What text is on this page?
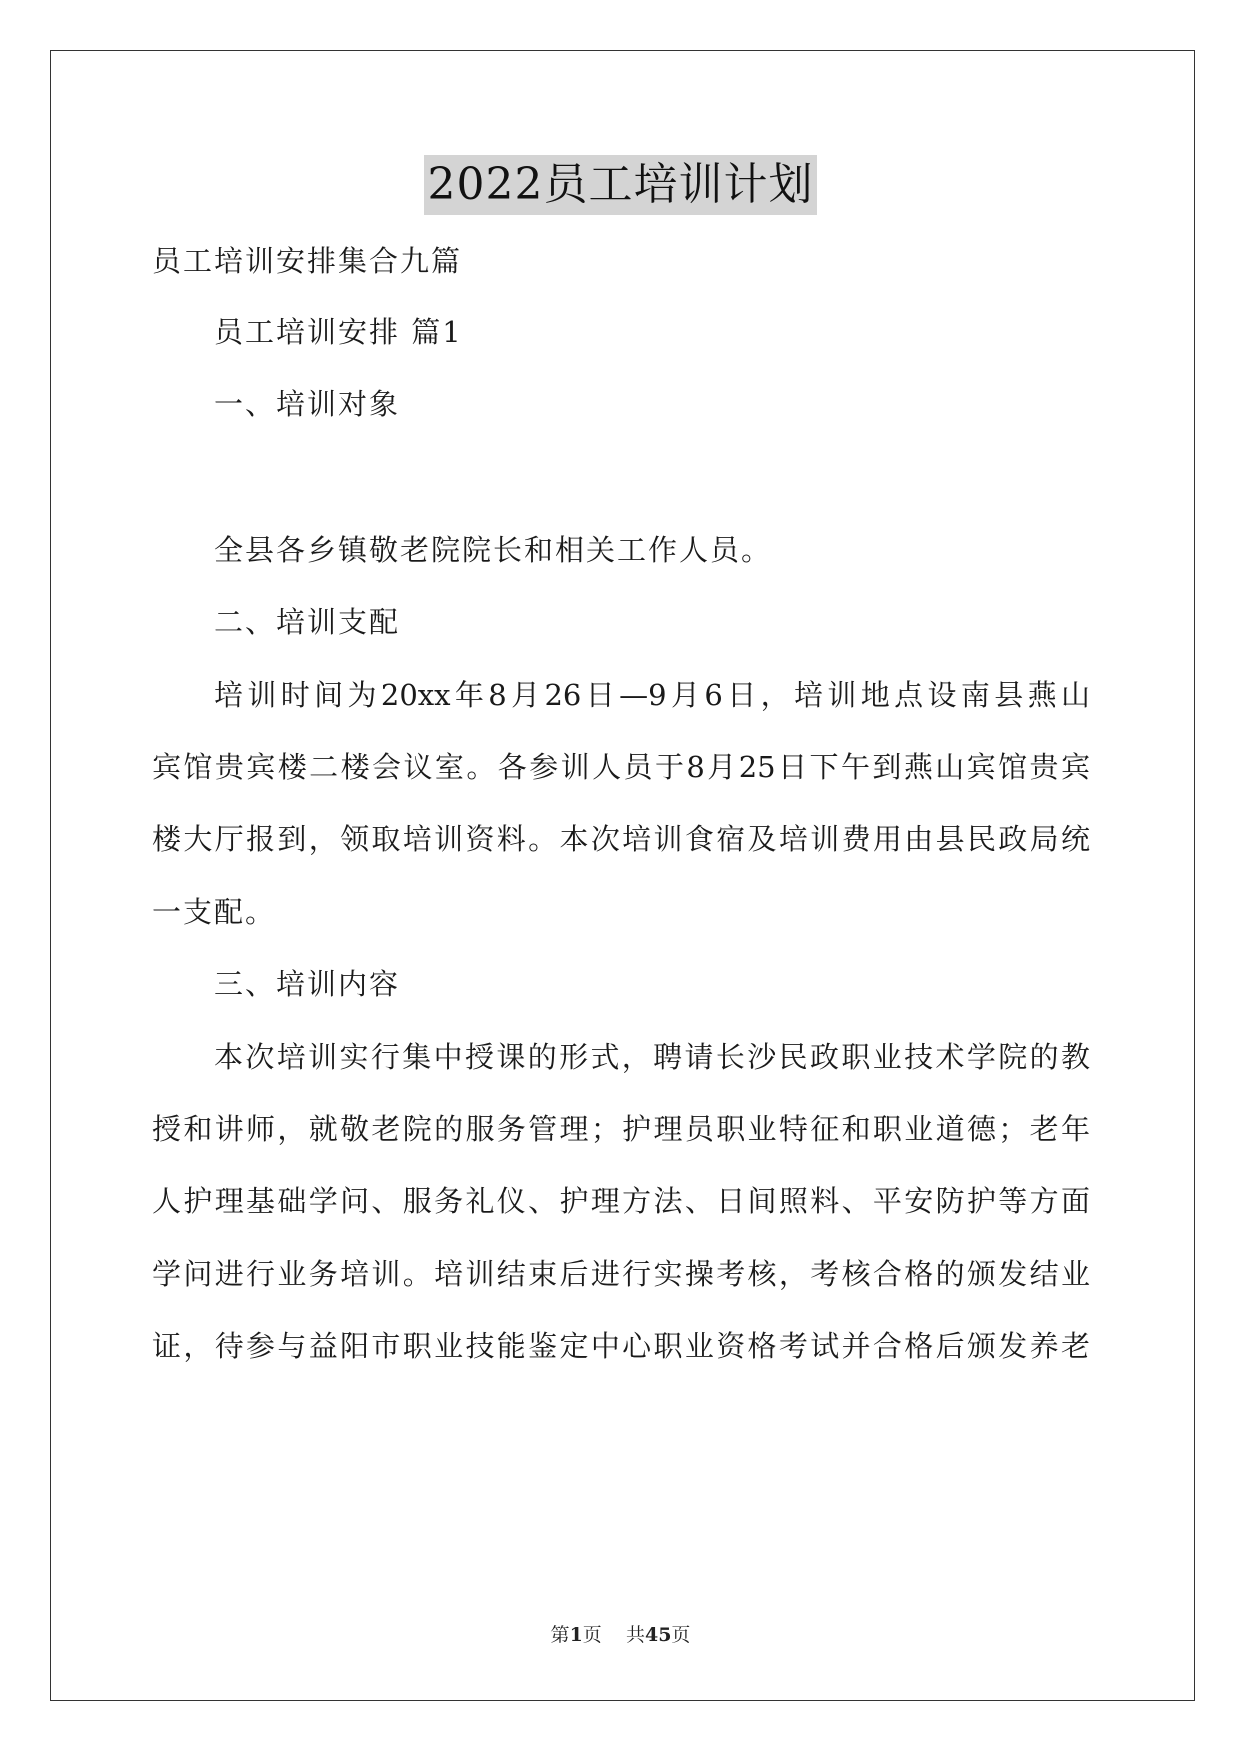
2022员工培训计划
员工培训安排集合九篇
员工培训安排 篇1
一、培训对象
全县各乡镇敬老院院长和相关工作人员。
二、培训支配
培训时间为20xx年8月26日—9月6日，培训地点设南县燕山
宾馆贵宾楼二楼会议室。各参训人员于8月25日下午到燕山宾馆贵宾
楼大厅报到，领取培训资料。本次培训食宿及培训费用由县民政局统
一支配。
三、培训内容
本次培训实行集中授课的形式，聘请长沙民政职业技术学院的教
授和讲师，就敬老院的服务管理；护理员职业特征和职业道德；老年
人护理基础学问、服务礼仪、护理方法、日间照料、平安防护等方面
学问进行业务培训。培训结束后进行实操考核，考核合格的颁发结业
证，待参与益阳市职业技能鉴定中心职业资格考试并合格后颁发养老
第1页    共45页
